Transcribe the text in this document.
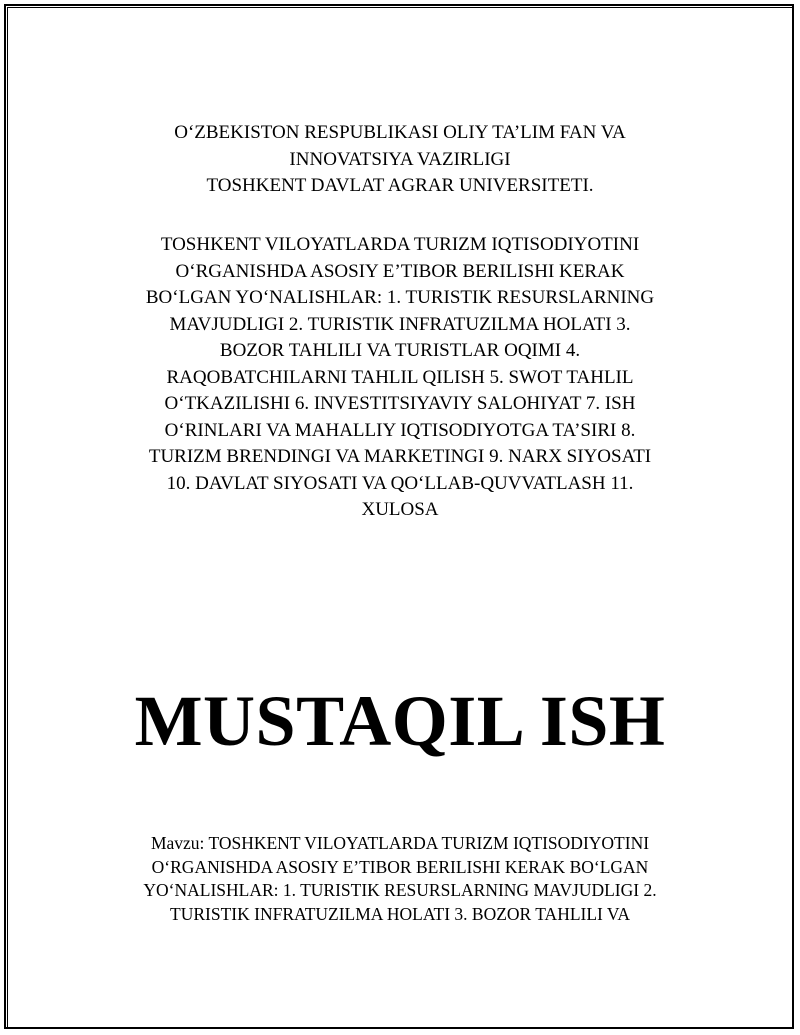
O‘ZBEKISTON RESPUBLIKASI OLIY TA’LIM FAN VA
INNOVATSIYA VAZIRLIGI
TOSHKENT DAVLAT AGRAR UNIVERSITETI.
TOSHKENT VILOYATLARDA TURIZM IQTISODIYOTINI
O‘RGANISHDA ASOSIY E’TIBOR BERILISHI KERAK
BO‘LGAN YO‘NALISHLAR: 1. TURISTIK RESURSLARNING
MAVJUDLIGI 2. TURISTIK INFRATUZILMA HOLATI 3.
BOZOR TAHLILI VA TURISTLAR OQIMI 4.
RAQOBATCHILARNI TAHLIL QILISH 5. SWOT TAHLIL
O‘TKAZILISHI 6. INVESTITSIYAVIY SALOHIYAT 7. ISH
O‘RINLARI VA MAHALLIY IQTISODIYOTGA TA’SIRI 8.
TURIZM BRENDINGI VA MARKETINGI 9. NARX SIYOSATI
10. DAVLAT SIYOSATI VA QO‘LLAB-QUVVATLASH 11.
XULOSA
MUSTAQIL ISH
Mavzu: TOSHKENT VILOYATLARDA TURIZM IQTISODIYOTINI
O‘RGANISHDA ASOSIY E’TIBOR BERILISHI KERAK BO‘LGAN
YO‘NALISHLAR: 1. TURISTIK RESURSLARNING MAVJUDLIGI 2.
TURISTIK INFRATUZILMA HOLATI 3. BOZOR TAHLILI VA
